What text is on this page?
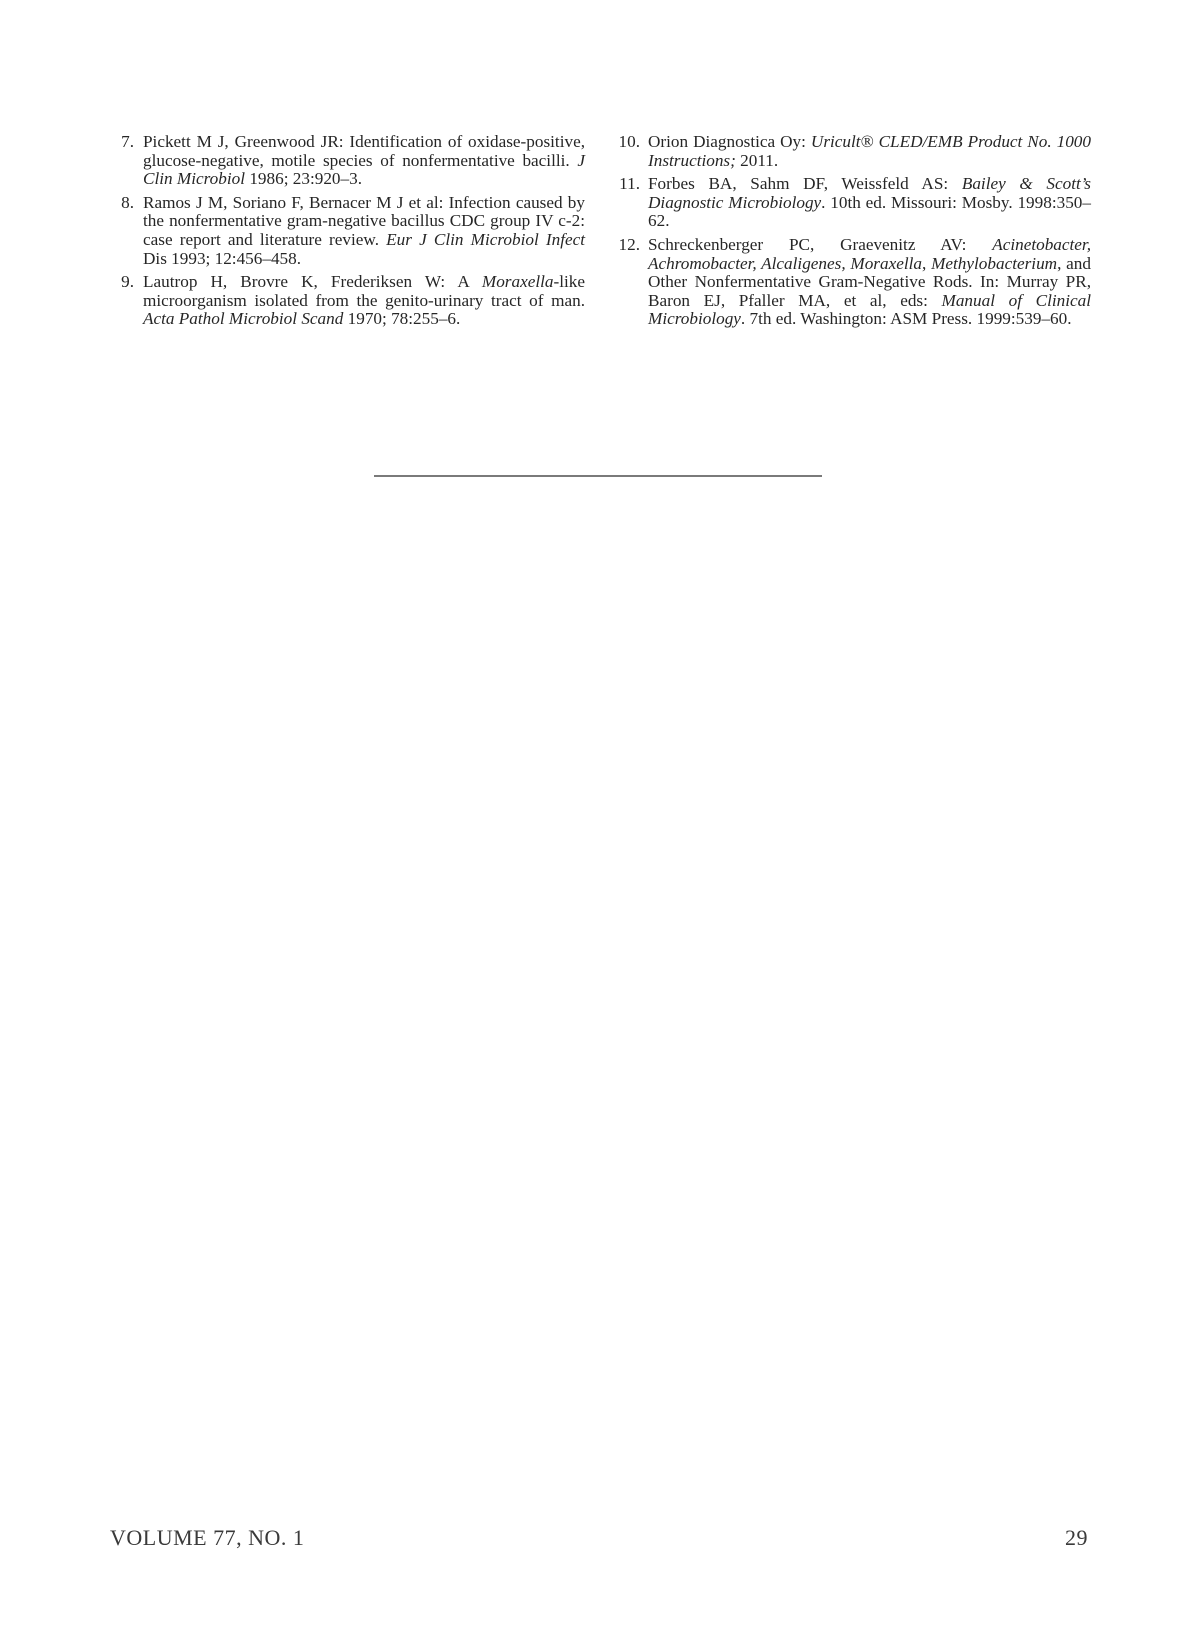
7. Pickett M J, Greenwood JR: Identification of oxidase-positive, glucose-negative, motile species of nonfermentative bacilli. J Clin Microbiol 1986; 23:920–3.
8. Ramos J M, Soriano F, Bernacer M J et al: Infection caused by the nonfermentative gram-negative bacillus CDC group IV c-2: case report and literature review. Eur J Clin Microbiol Infect Dis 1993; 12:456–458.
9. Lautrop H, Brovre K, Frederiksen W: A Moraxella-like microorganism isolated from the genito-urinary tract of man. Acta Pathol Microbiol Scand 1970; 78:255–6.
10. Orion Diagnostica Oy: Uricult® CLED/EMB Product No. 1000 Instructions; 2011.
11. Forbes BA, Sahm DF, Weissfeld AS: Bailey & Scott’s Diagnostic Microbiology. 10th ed. Missouri: Mosby. 1998:350–62.
12. Schreckenberger PC, Graevenitz AV: Acinetobacter, Achromobacter, Alcaligenes, Moraxella, Methylobacterium, and Other Nonfermentative Gram-Negative Rods. In: Murray PR, Baron EJ, Pfaller MA, et al, eds: Manual of Clinical Microbiology. 7th ed. Washington: ASM Press. 1999:539–60.
VOLUME 77, NO. 1	29
